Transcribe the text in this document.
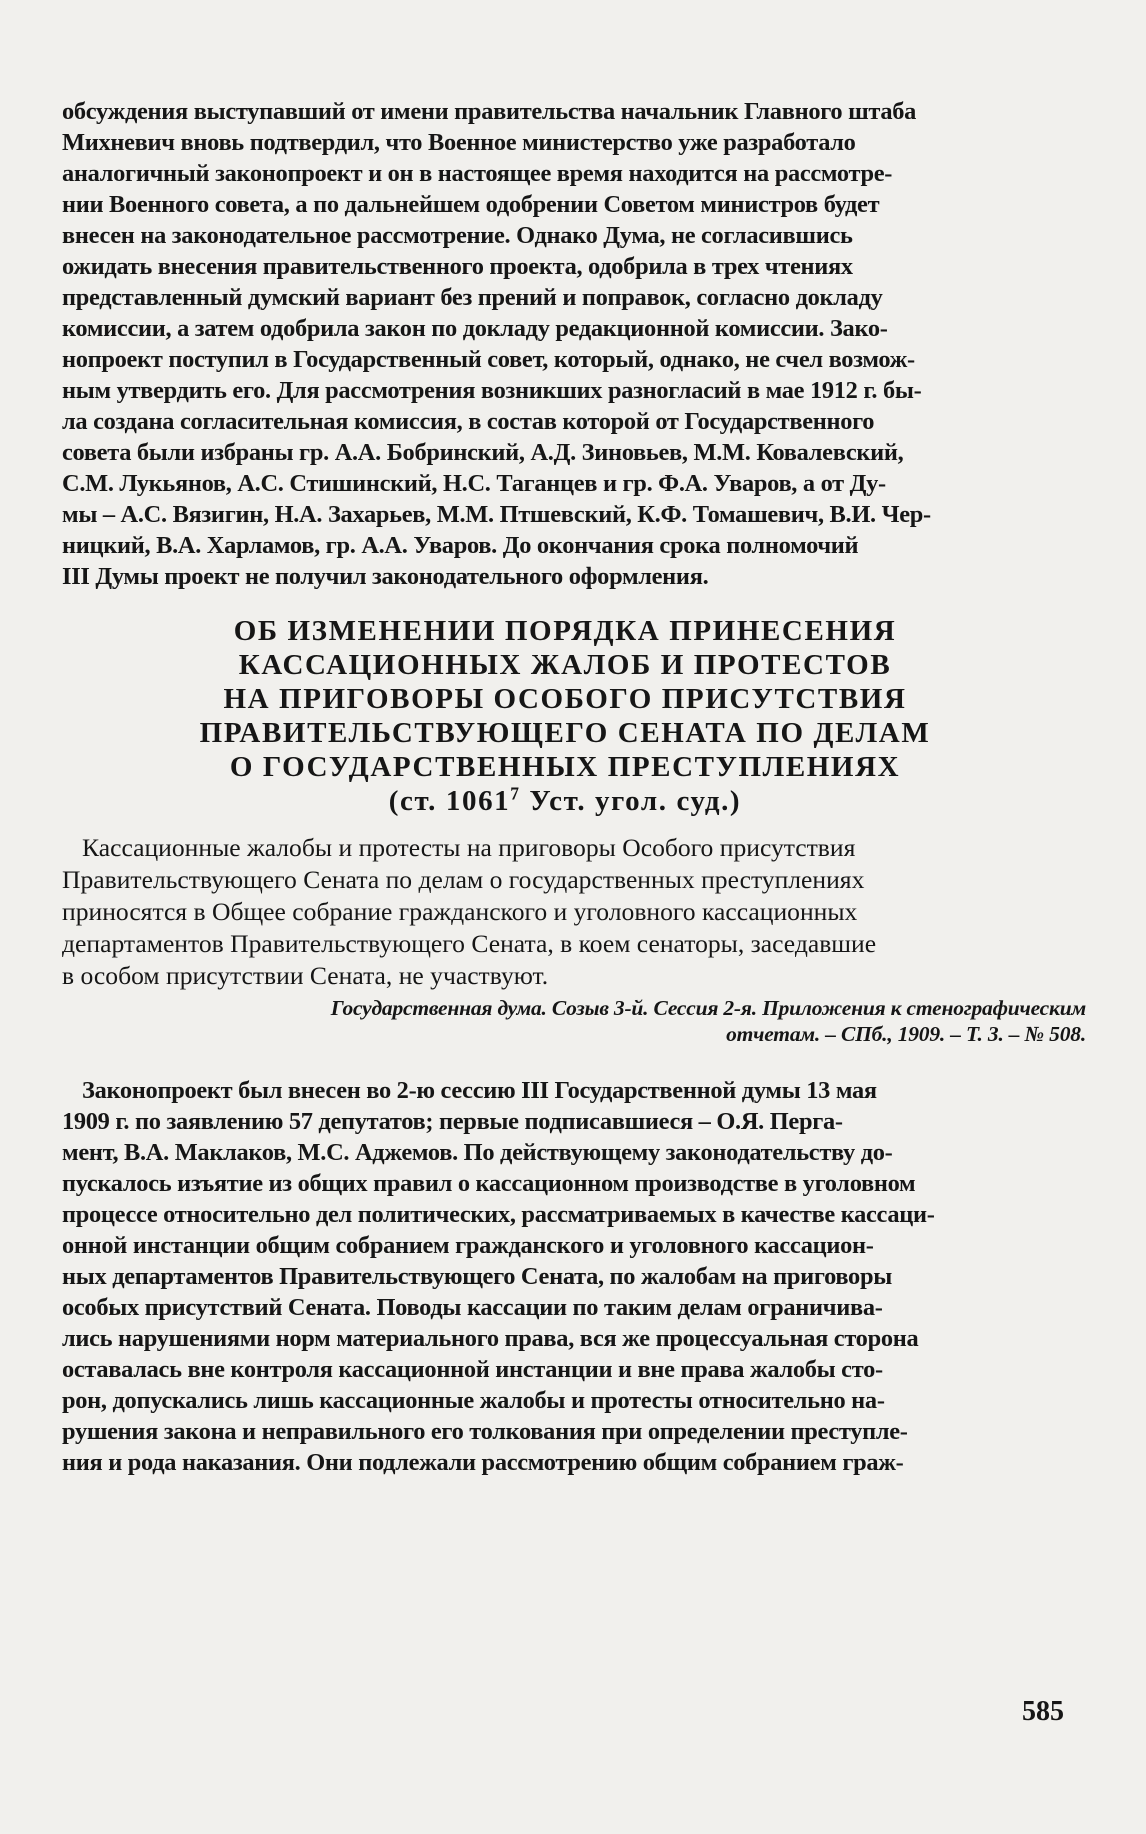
обсуждения выступавший от имени правительства начальник Главного штаба
Михневич вновь подтвердил, что Военное министерство уже разработало
аналогичный законопроект и он в настоящее время находится на рассмотре-
нии Военного совета, а по дальнейшем одобрении Советом министров будет
внесен на законодательное рассмотрение. Однако Дума, не согласившись
ожидать внесения правительственного проекта, одобрила в трех чтениях
представленный думский вариант без прений и поправок, согласно докладу
комиссии, а затем одобрила закон по докладу редакционной комиссии. Зако-
нопроект поступил в Государственный совет, который, однако, не счел возмож-
ным утвердить его. Для рассмотрения возникших разногласий в мае 1912 г. бы-
ла создана согласительная комиссия, в состав которой от Государственного
совета были избраны гр. А.А. Бобринский, А.Д. Зиновьев, М.М. Ковалевский,
С.М. Лукьянов, А.С. Стишинский, Н.С. Таганцев и гр. Ф.А. Уваров, а от Ду-
мы – А.С. Вязигин, Н.А. Захарьев, М.М. Птшевский, К.Ф. Томашевич, В.И. Чер-
ницкий, В.А. Харламов, гр. А.А. Уваров. До окончания срока полномочий
III Думы проект не получил законодательного оформления.
ОБ ИЗМЕНЕНИИ ПОРЯДКА ПРИНЕСЕНИЯ
КАССАЦИОННЫХ ЖАЛОБ И ПРОТЕСТОВ
НА ПРИГОВОРЫ ОСОБОГО ПРИСУТСТВИЯ
ПРАВИТЕЛЬСТВУЮЩЕГО СЕНАТА ПО ДЕЛАМ
О ГОСУДАРСТВЕННЫХ ПРЕСТУПЛЕНИЯХ
(ст. 1061$^7$ Уст. угол. суд.)
Кассационные жалобы и протесты на приговоры Особого присутствия
Правительствующего Сената по делам о государственных преступлениях
приносятся в Общее собрание гражданского и уголовного кассационных
департаментов Правительствующего Сената, в коем сенаторы, заседавшие
в особом присутствии Сената, не участвуют.
Государственная дума. Созыв 3-й. Сессия 2-я. Приложения к стенографическим
отчетам. – СПб., 1909. – Т. 3. – № 508.
Законопроект был внесен во 2-ю сессию III Государственной думы 13 мая
1909 г. по заявлению 57 депутатов; первые подписавшиеся – О.Я. Перга-
мент, В.А. Маклаков, М.С. Аджемов. По действующему законодательству до-
пускалось изъятие из общих правил о кассационном производстве в уголовном
процессе относительно дел политических, рассматриваемых в качестве кассаци-
онной инстанции общим собранием гражданского и уголовного кассацион-
ных департаментов Правительствующего Сената, по жалобам на приговоры
особых присутствий Сената. Поводы кассации по таким делам ограничива-
лись нарушениями норм материального права, вся же процессуальная сторона
оставалась вне контроля кассационной инстанции и вне права жалобы сто-
рон, допускались лишь кассационные жалобы и протесты относительно на-
рушения закона и неправильного его толкования при определении преступле-
ния и рода наказания. Они подлежали рассмотрению общим собранием граж-
585
